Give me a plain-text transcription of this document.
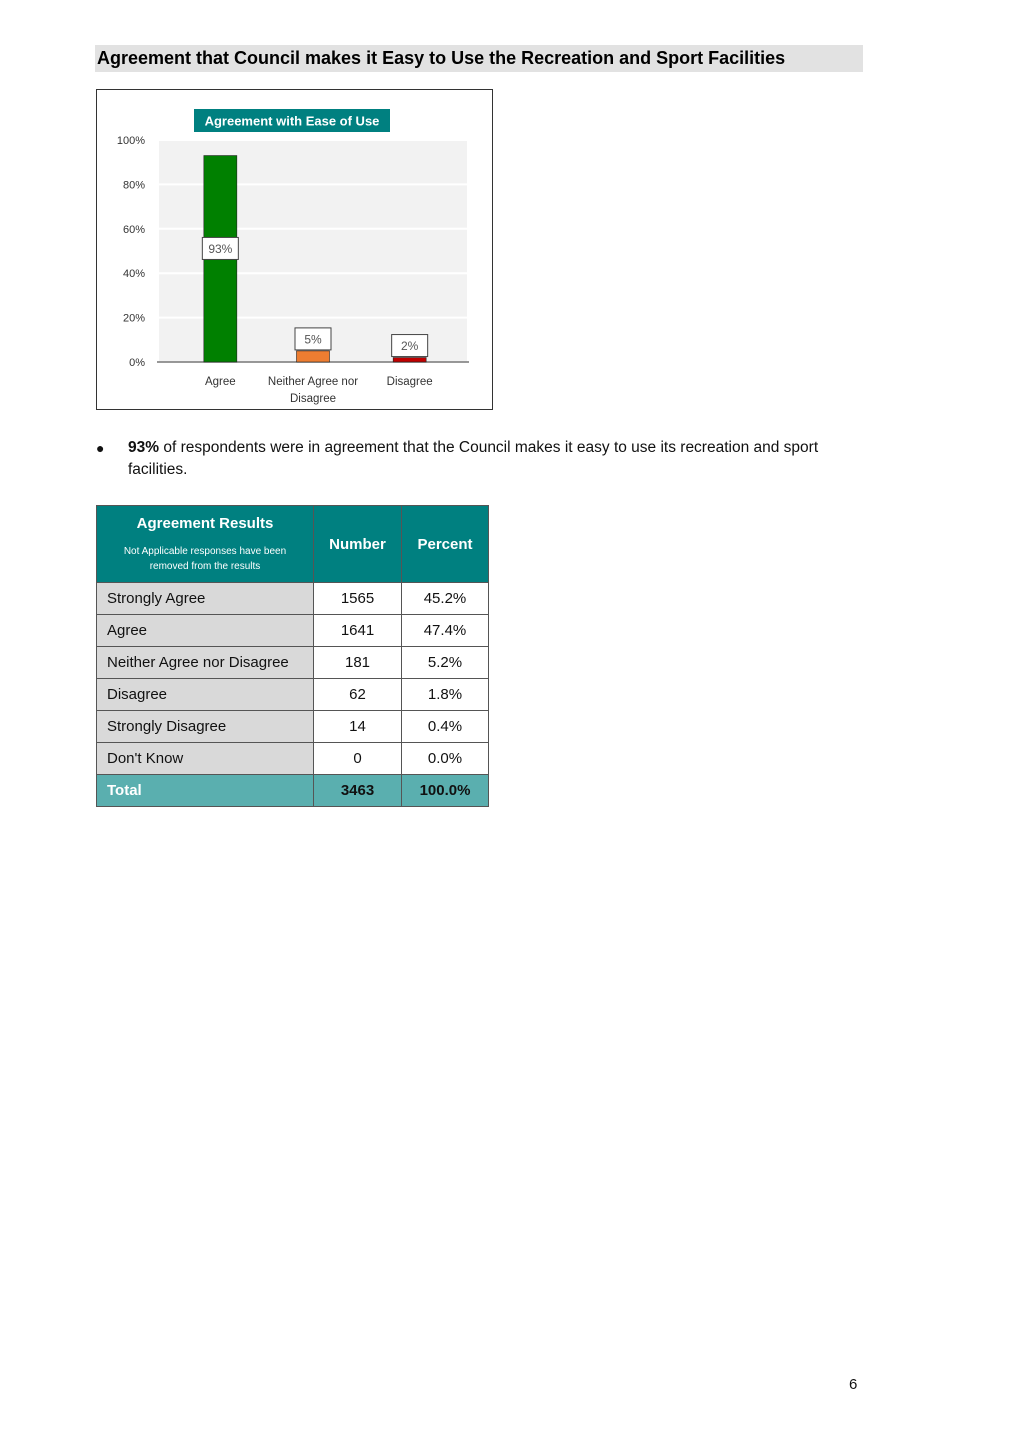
Agreement that Council makes it Easy to Use the Recreation and Sport Facilities
0%
20%
40%
60%
80%
100%
Agreement with Ease of Use
93%
Agree
5%
Neither Agree nor
Disagree
2%
Disagree
● 93% of respondents were in agreement that the Council makes it easy to use its recreation and sport facilities.
Agreement Results
Not Applicable responses have been removed from the results	Number	Percent
Strongly Agree	1565	45.2%
Agree	1641	47.4%
Neither Agree nor Disagree	181	5.2%
Disagree	62	1.8%
Strongly Disagree	14	0.4%
Don't Know	0	0.0%
Total	3463	100.0%
6
